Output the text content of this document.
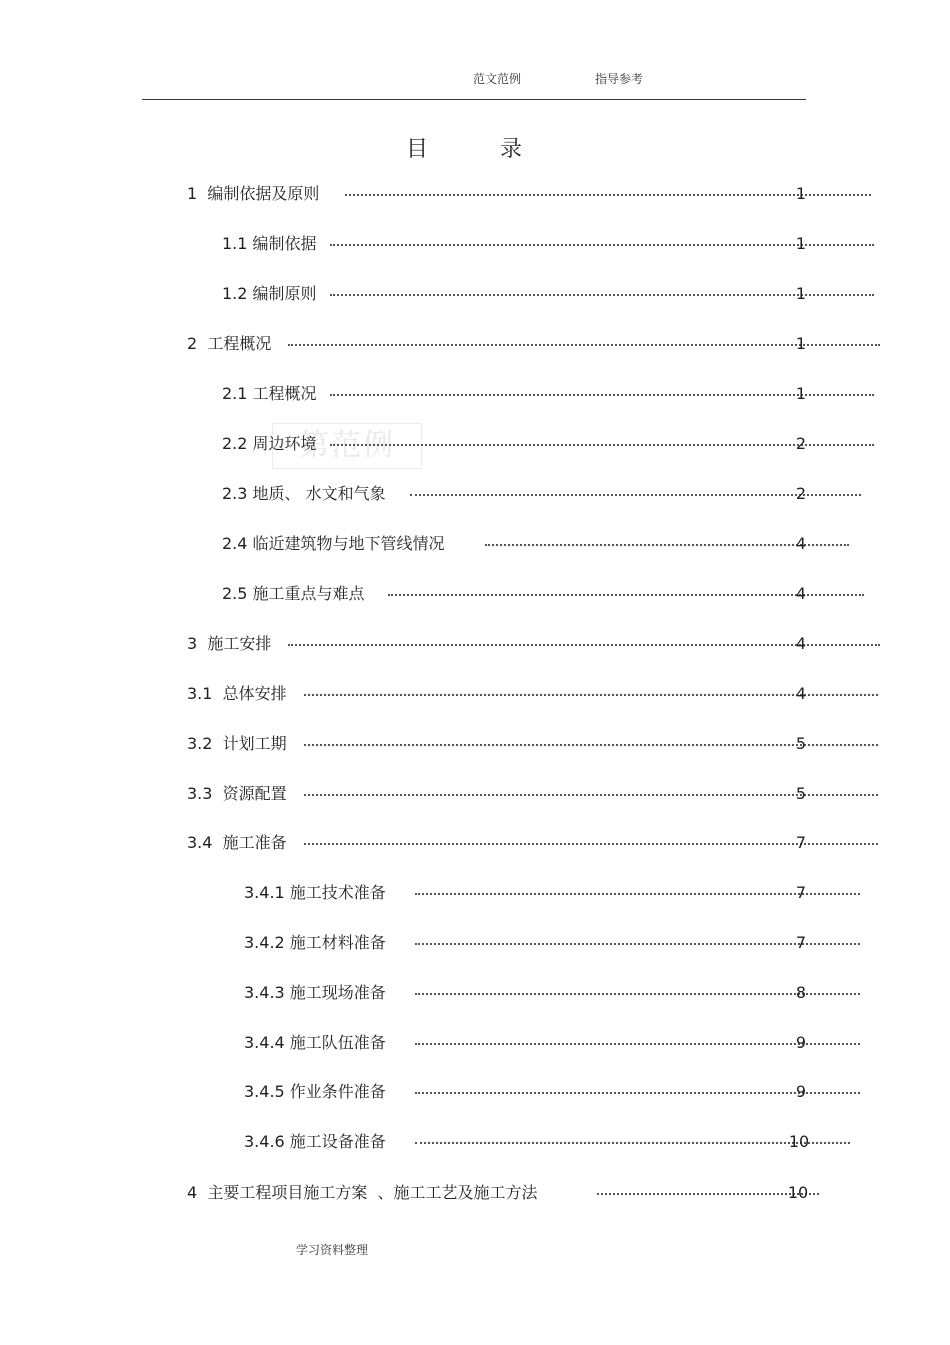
范文范例	指导参考
目	录
第范例
1  编制依据及原则	1
1.1 编制依据	1
1.2 编制原则	1
2  工程概况	1
2.1 工程概况	1
2.2 周边环境	2
2.3 地质、 水文和气象	2
2.4 临近建筑物与地下管线情况	4
2.5 施工重点与难点	4
3  施工安排	4
3.1  总体安排	4
3.2  计划工期	5
3.3  资源配置	5
3.4  施工准备	7
3.4.1 施工技术准备	7
3.4.2 施工材料准备	7
3.4.3 施工现场准备	8
3.4.4 施工队伍准备	9
3.4.5 作业条件准备	9
3.4.6 施工设备准备	10
4  主要工程项目施工方案  、施工工艺及施工方法	10
学习资料整理
